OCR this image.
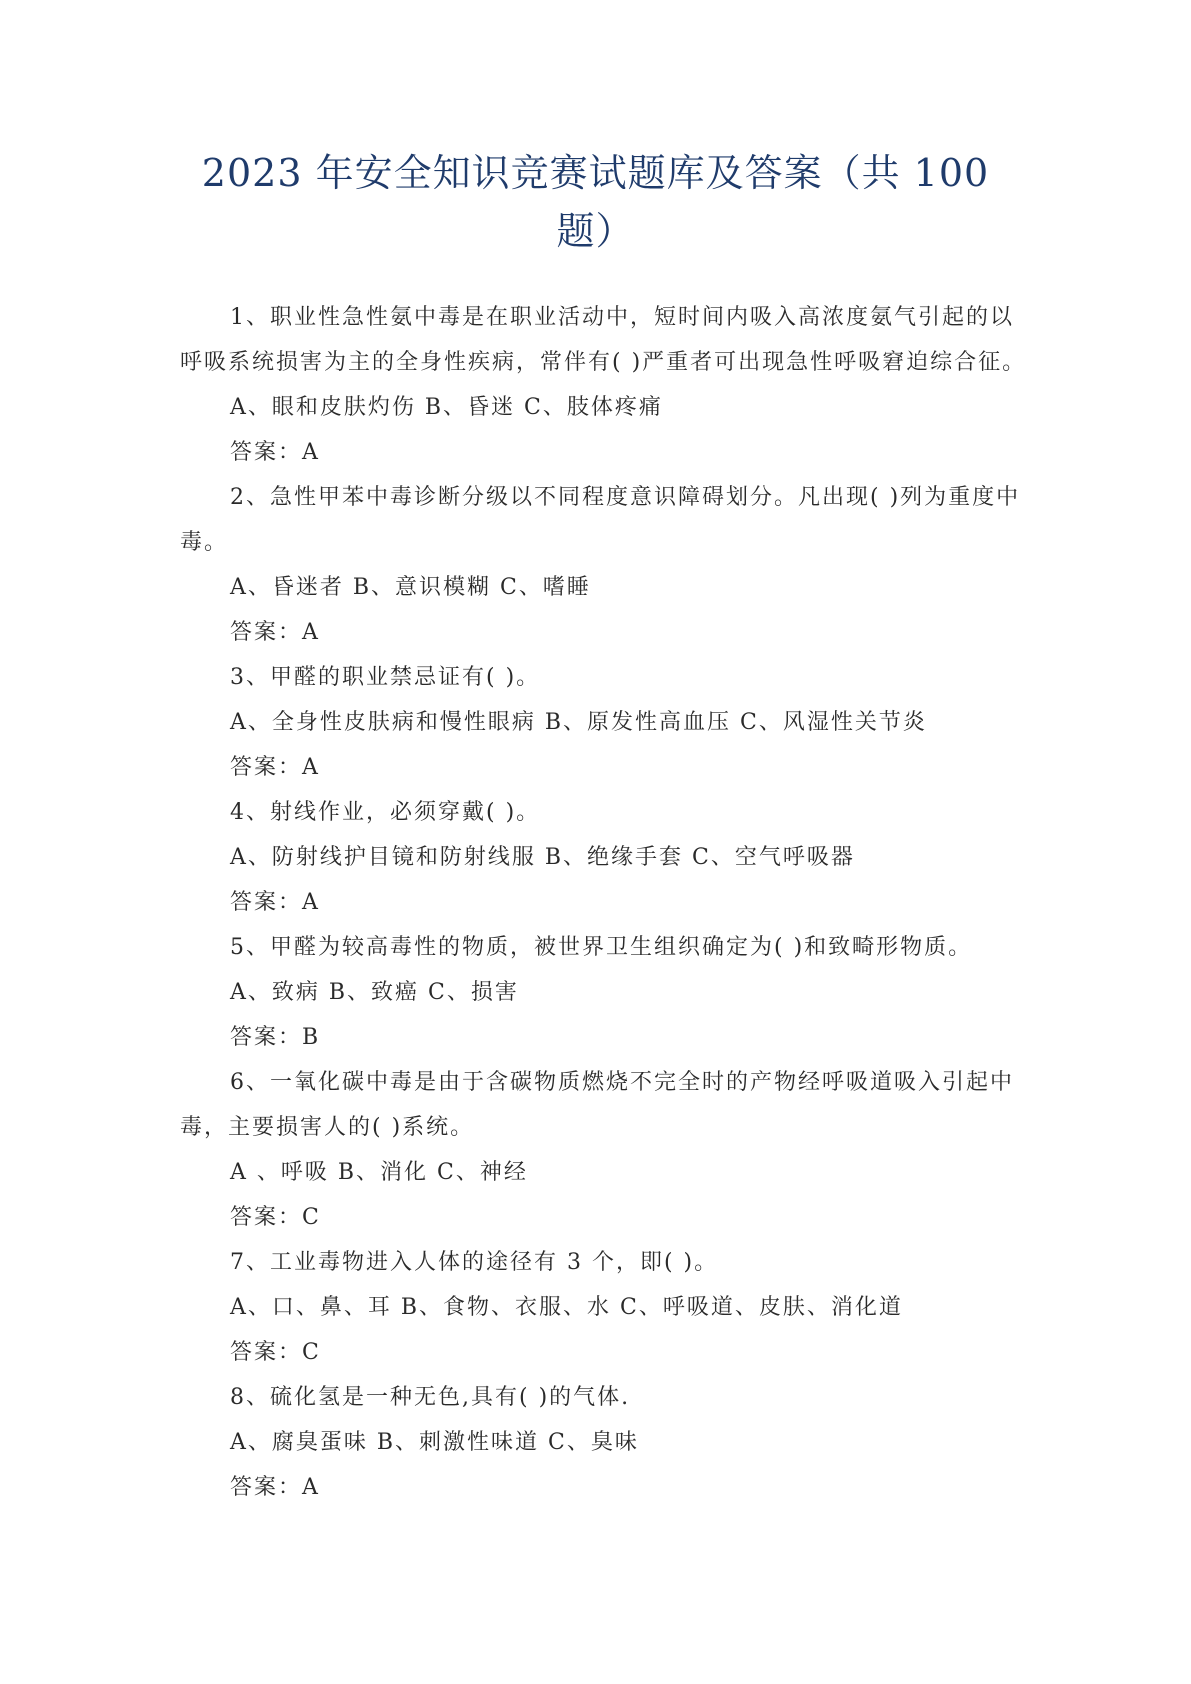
2023 年安全知识竞赛试题库及答案（共 100
题）
1、职业性急性氨中毒是在职业活动中，短时间内吸入高浓度氨气引起的以
呼吸系统损害为主的全身性疾病，常伴有( )严重者可出现急性呼吸窘迫综合征。
A、眼和皮肤灼伤 B、昏迷 C、肢体疼痛
答案：A
2、急性甲苯中毒诊断分级以不同程度意识障碍划分。凡出现( )列为重度中
毒。
A、昏迷者 B、意识模糊 C、嗜睡
答案：A
3、甲醛的职业禁忌证有( )。
A、全身性皮肤病和慢性眼病 B、原发性高血压 C、风湿性关节炎
答案：A
4、射线作业，必须穿戴( )。
A、防射线护目镜和防射线服 B、绝缘手套 C、空气呼吸器
答案：A
5、甲醛为较高毒性的物质，被世界卫生组织确定为( )和致畸形物质。
A、致病 B、致癌 C、损害
答案：B
6、一氧化碳中毒是由于含碳物质燃烧不完全时的产物经呼吸道吸入引起中
毒，主要损害人的( )系统。
A 、呼吸 B、消化 C、神经
答案：C
7、工业毒物进入人体的途径有 3 个，即( )。
A、口、鼻、耳 B、食物、衣服、水 C、呼吸道、皮肤、消化道
答案：C
8、硫化氢是一种无色,具有( )的气体.
A、腐臭蛋味 B、刺激性味道 C、臭味
答案：A
